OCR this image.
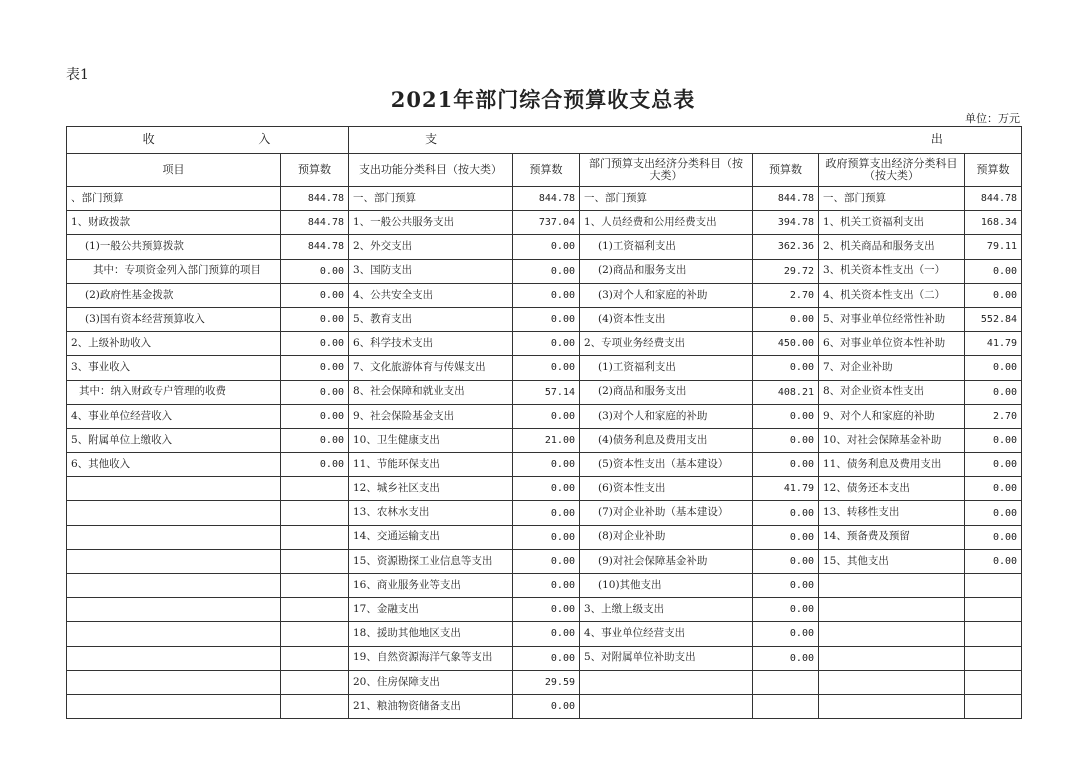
表1
2021年部门综合预算收支总表
单位：万元
收 入		支 出					
项目	预算数	支出功能分类科目（按大类）	预算数	部门预算支出经济分类科目（按大类）	预算数	政府预算支出经济分类科目（按大类）	预算数
、部门预算	844.78	一、部门预算	844.78	一、部门预算	844.78	一、部门预算	844.78
1、财政拨款	844.78	1、一般公共服务支出	737.04	1、人员经费和公用经费支出	394.78	1、机关工资福利支出	168.34
(1)一般公共预算拨款	844.78	2、外交支出	0.00	(1)工资福利支出	362.36	2、机关商品和服务支出	79.11
其中：专项资金列入部门预算的项目	0.00	3、国防支出	0.00	(2)商品和服务支出	29.72	3、机关资本性支出（一）	0.00
(2)政府性基金拨款	0.00	4、公共安全支出	0.00	(3)对个人和家庭的补助	2.70	4、机关资本性支出（二）	0.00
(3)国有资本经营预算收入	0.00	5、教育支出	0.00	(4)资本性支出	0.00	5、对事业单位经常性补助	552.84
2、上级补助收入	0.00	6、科学技术支出	0.00	2、专项业务经费支出	450.00	6、对事业单位资本性补助	41.79
3、事业收入	0.00	7、文化旅游体育与传媒支出	0.00	(1)工资福利支出	0.00	7、对企业补助	0.00
其中：纳入财政专户管理的收费	0.00	8、社会保障和就业支出	57.14	(2)商品和服务支出	408.21	8、对企业资本性支出	0.00
4、事业单位经营收入	0.00	9、社会保险基金支出	0.00	(3)对个人和家庭的补助	0.00	9、对个人和家庭的补助	2.70
5、附属单位上缴收入	0.00	10、卫生健康支出	21.00	(4)债务利息及费用支出	0.00	10、对社会保障基金补助	0.00
6、其他收入	0.00	11、节能环保支出	0.00	(5)资本性支出（基本建设）	0.00	11、债务利息及费用支出	0.00
		12、城乡社区支出	0.00	(6)资本性支出	41.79	12、债务还本支出	0.00
		13、农林水支出	0.00	(7)对企业补助（基本建设）	0.00	13、转移性支出	0.00
		14、交通运输支出	0.00	(8)对企业补助	0.00	14、预备费及预留	0.00
		15、资源勘探工业信息等支出	0.00	(9)对社会保障基金补助	0.00	15、其他支出	0.00
		16、商业服务业等支出	0.00	(10)其他支出	0.00		
		17、金融支出	0.00	3、上缴上级支出	0.00		
		18、援助其他地区支出	0.00	4、事业单位经营支出	0.00		
		19、自然资源海洋气象等支出	0.00	5、对附属单位补助支出	0.00		
		20、住房保障支出	29.59				
		21、粮油物资储备支出	0.00				
